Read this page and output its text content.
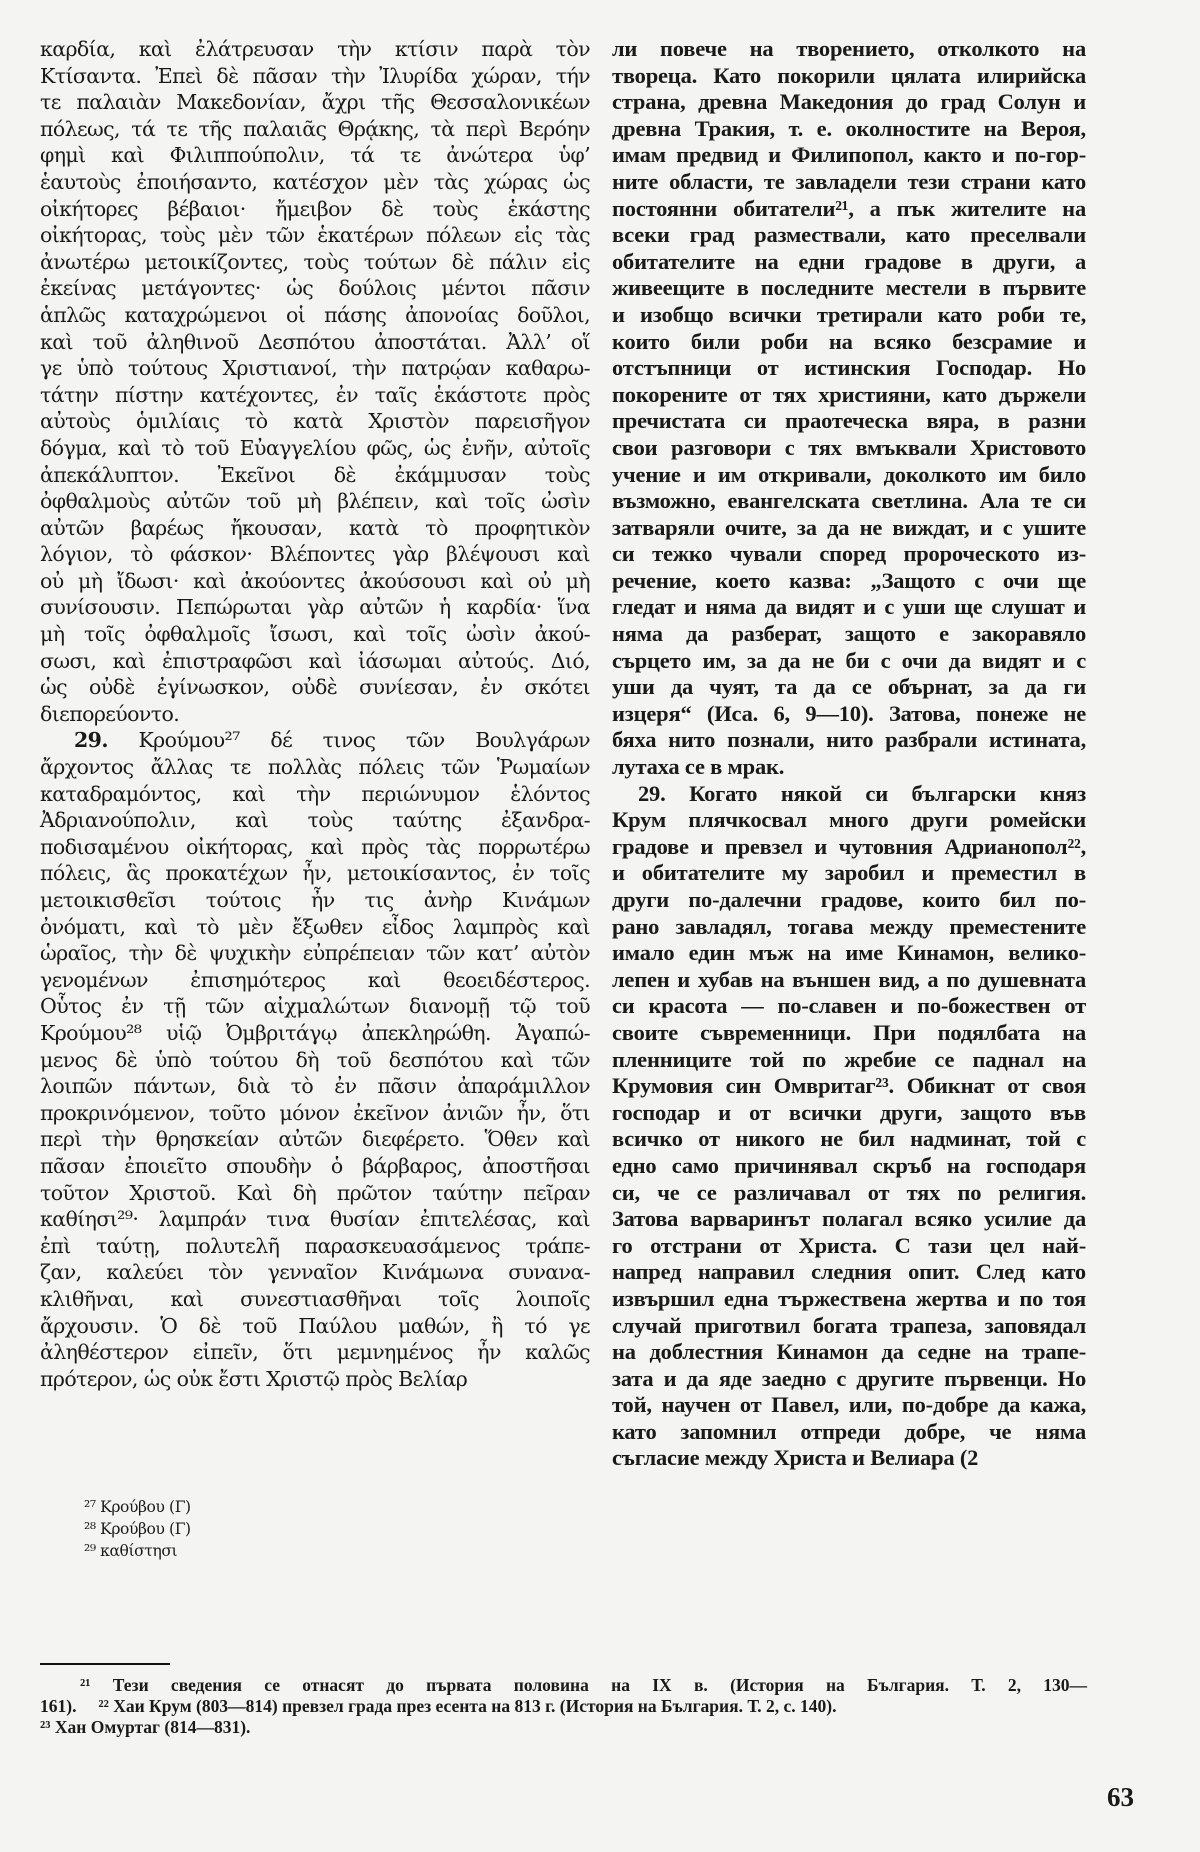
καρδία, καὶ ἐλάτρευσαν τὴν κτίσιν παρὰ τὸν
Κτίσαντα. Ἐπεὶ δὲ πᾶσαν τὴν Ἰλυρίδα χώραν, τήν
τε παλαιὰν Μακεδονίαν, ἄχρι τῆς Θεσσαλονικέων
πόλεως, τά τε τῆς παλαιᾶς Θρᾴκης, τὰ περὶ Βερόην
φημὶ καὶ Φιλιππούπολιν, τά τε ἀνώτερα ὑφ’
ἑαυτοὺς ἐποιήσαντο, κατέσχον μὲν τὰς χώρας ὡς
οἰκήτορες βέβαιοι· ἤμειβον δὲ τοὺς ἑκάστης
οἰκήτορας, τοὺς μὲν τῶν ἑκατέρων πόλεων εἰς τὰς
ἀνωτέρω μετοικίζοντες, τοὺς τούτων δὲ πάλιν εἰς
ἐκείνας μετάγοντες· ὡς δούλοις μέντοι πᾶσιν
ἁπλῶς καταχρώμενοι οἱ πάσης ἀπονοίας δοῦλοι,
καὶ τοῦ ἀληθινοῦ Δεσπότου ἀποστάται. Ἀλλ’ οἵ
γε ὑπὸ τούτους Χριστιανοί, τὴν πατρῴαν καθαρω-
τάτην πίστην κατέχοντες, ἐν ταῖς ἑκάστοτε πρὸς
αὐτοὺς ὁμιλίαις τὸ κατὰ Χριστὸν παρεισῆγον
δόγμα, καὶ τὸ τοῦ Εὐαγγελίου φῶς, ὡς ἐνῆν, αὐτοῖς
ἀπεκάλυπτον. Ἐκεῖνοι δὲ ἐκάμμυσαν τοὺς
ὀφθαλμοὺς αὐτῶν τοῦ μὴ βλέπειν, καὶ τοῖς ὠσὶν
αὐτῶν βαρέως ἤκουσαν, κατὰ τὸ προφητικὸν
λόγιον, τὸ φάσκον· Βλέποντες γὰρ βλέψουσι καὶ
οὐ μὴ ἴδωσι· καὶ ἀκούοντες ἀκούσουσι καὶ οὐ μὴ
συνίσουσιν. Πεπώρωται γὰρ αὐτῶν ἡ καρδία· ἵνα
μὴ τοῖς ὀφθαλμοῖς ἴσωσι, καὶ τοῖς ὠσὶν ἀκού-
σωσι, καὶ ἐπιστραφῶσι καὶ ἰάσωμαι αὐτούς. Διό,
ὡς οὐδὲ ἐγίνωσκον, οὐδὲ συνίεσαν, ἐν σκότει
διεπορεύοντο.
29. Κρούμου²⁷ δέ τινος τῶν Βουλγάρων
ἄρχοντος ἄλλας τε πολλὰς πόλεις τῶν Ῥωμαίων
καταδραμόντος, καὶ τὴν περιώνυμον ἑλόντος
Ἀδριανούπολιν, καὶ τοὺς ταύτης ἐξανδρα-
ποδισαμένου οἰκήτορας, καὶ πρὸς τὰς πορρωτέρω
πόλεις, ἃς προκατέχων ἦν, μετοικίσαντος, ἐν τοῖς
μετοικισθεῖσι τούτοις ἦν τις ἀνὴρ Κινάμων
ὀνόματι, καὶ τὸ μὲν ἔξωθεν εἶδος λαμπρὸς καὶ
ὡραῖος, τὴν δὲ ψυχικὴν εὐπρέπειαν τῶν κατ’ αὐτὸν
γενομένων ἐπισημότερος καὶ θεοειδέστερος.
Οὗτος ἐν τῇ τῶν αἰχμαλώτων διανομῇ τῷ τοῦ
Κρούμου²⁸ υἱῷ Ὀμβριτάγῳ ἀπεκληρώθη. Ἀγαπώ-
μενος δὲ ὑπὸ τούτου δὴ τοῦ δεσπότου καὶ τῶν
λοιπῶν πάντων, διὰ τὸ ἐν πᾶσιν ἀπαράμιλλον
προκρινόμενον, τοῦτο μόνον ἐκεῖνον ἀνιῶν ἦν, ὅτι
περὶ τὴν θρησκείαν αὐτῶν διεφέρετο. Ὅθεν καὶ
πᾶσαν ἐποιεῖτο σπουδὴν ὁ βάρβαρος, ἀποστῆσαι
τοῦτον Χριστοῦ. Καὶ δὴ πρῶτον ταύτην πεῖραν
καθίησι²⁹· λαμπράν τινα θυσίαν ἐπιτελέσας, καὶ
ἐπὶ ταύτῃ, πολυτελῆ παρασκευασάμενος τράπε-
ζαν, καλεύει τὸν γενναῖον Κινάμωνα συνανα-
κλιθῆναι, καὶ συνεστιασθῆναι τοῖς λοιποῖς
ἄρχουσιν. Ὁ δὲ τοῦ Παύλου μαθών, ἢ τό γε
ἀληθέστερον εἰπεῖν, ὅτι μεμνημένος ἦν καλῶς
πρότερον, ὡς οὐκ ἔστι Χριστῷ πρὸς Βελίαρ
ли повече на творението, отколкото на
твореца. Като покорили цялата илирийска
страна, древна Македония до град Солун и
древна Тракия, т. е. околностите на Вероя,
имам предвид и Филипопол, както и по-гор-
ните области, те завладели тези страни като
постоянни обитатели²¹, а пък жителите на
всеки град размествали, като преселвали
обитателите на едни градове в други, а
живеещите в последните местели в първите
и изобщо всички третирали като роби те,
които били роби на всяко безсрамие и
отстъпници от истинския Господар. Но
покорените от тях християни, като държели
пречистата си праотеческа вяра, в разни
свои разговори с тях вмъквали Христовото
учение и им откривали, доколкото им било
възможно, евангелската светлина. Ала те си
затваряли очите, за да не виждат, и с ушите
си тежко чували според пророческото из-
речение, което казва: „Защото с очи ще
гледат и няма да видят и с уши ще слушат и
няма да разберат, защото е закоравяло
сърцето им, за да не би с очи да видят и с
уши да чуят, та да се обърнат, за да ги
изцеря“ (Иса. 6, 9—10). Затова, понеже не
бяха нито познали, нито разбрали истината,
лутаха се в мрак.
29. Когато някой си български княз
Крум плячкосвал много други ромейски
градове и превзел и чутовния Адрианопол²²,
и обитателите му заробил и преместил в
други по-далечни градове, които бил по-
рано завладял, тогава между преместените
имало един мъж на име Кинамон, велико-
лепен и хубав на външен вид, а по душевната
си красота — по-славен и по-божествен от
своите съвременници. При подялбата на
пленниците той по жребие се паднал на
Крумовия син Омвритаг²³. Обикнат от своя
господар и от всички други, защото във
всичко от никого не бил надминат, той с
едно само причинявал скръб на господаря
си, че се различавал от тях по религия.
Затова варваринът полагал всяко усилие да
го отстрани от Христа. С тази цел най-
напред направил следния опит. След като
извършил една тържествена жертва и по тоя
случай приготвил богата трапеза, заповядал
на доблестния Кинамон да седне на трапе-
зата и да яде заедно с другите първенци. Но
той, научен от Павел, или, по-добре да кажа,
като запомнил отпреди добре, че няма
съгласие между Христа и Велиара (2
²⁷ Κρούβου (Γ)
²⁸ Κρούβου (Γ)
²⁹ καθίστησι
²¹ Тези сведения се отнасят до първата половина на IX в. (История на България. Т. 2, 130—
161).     ²² Хаи Крум (803—814) превзел града през есента на 813 г. (История на България. Т. 2, с. 140).
²³ Хан Омуртаг (814—831).
63
